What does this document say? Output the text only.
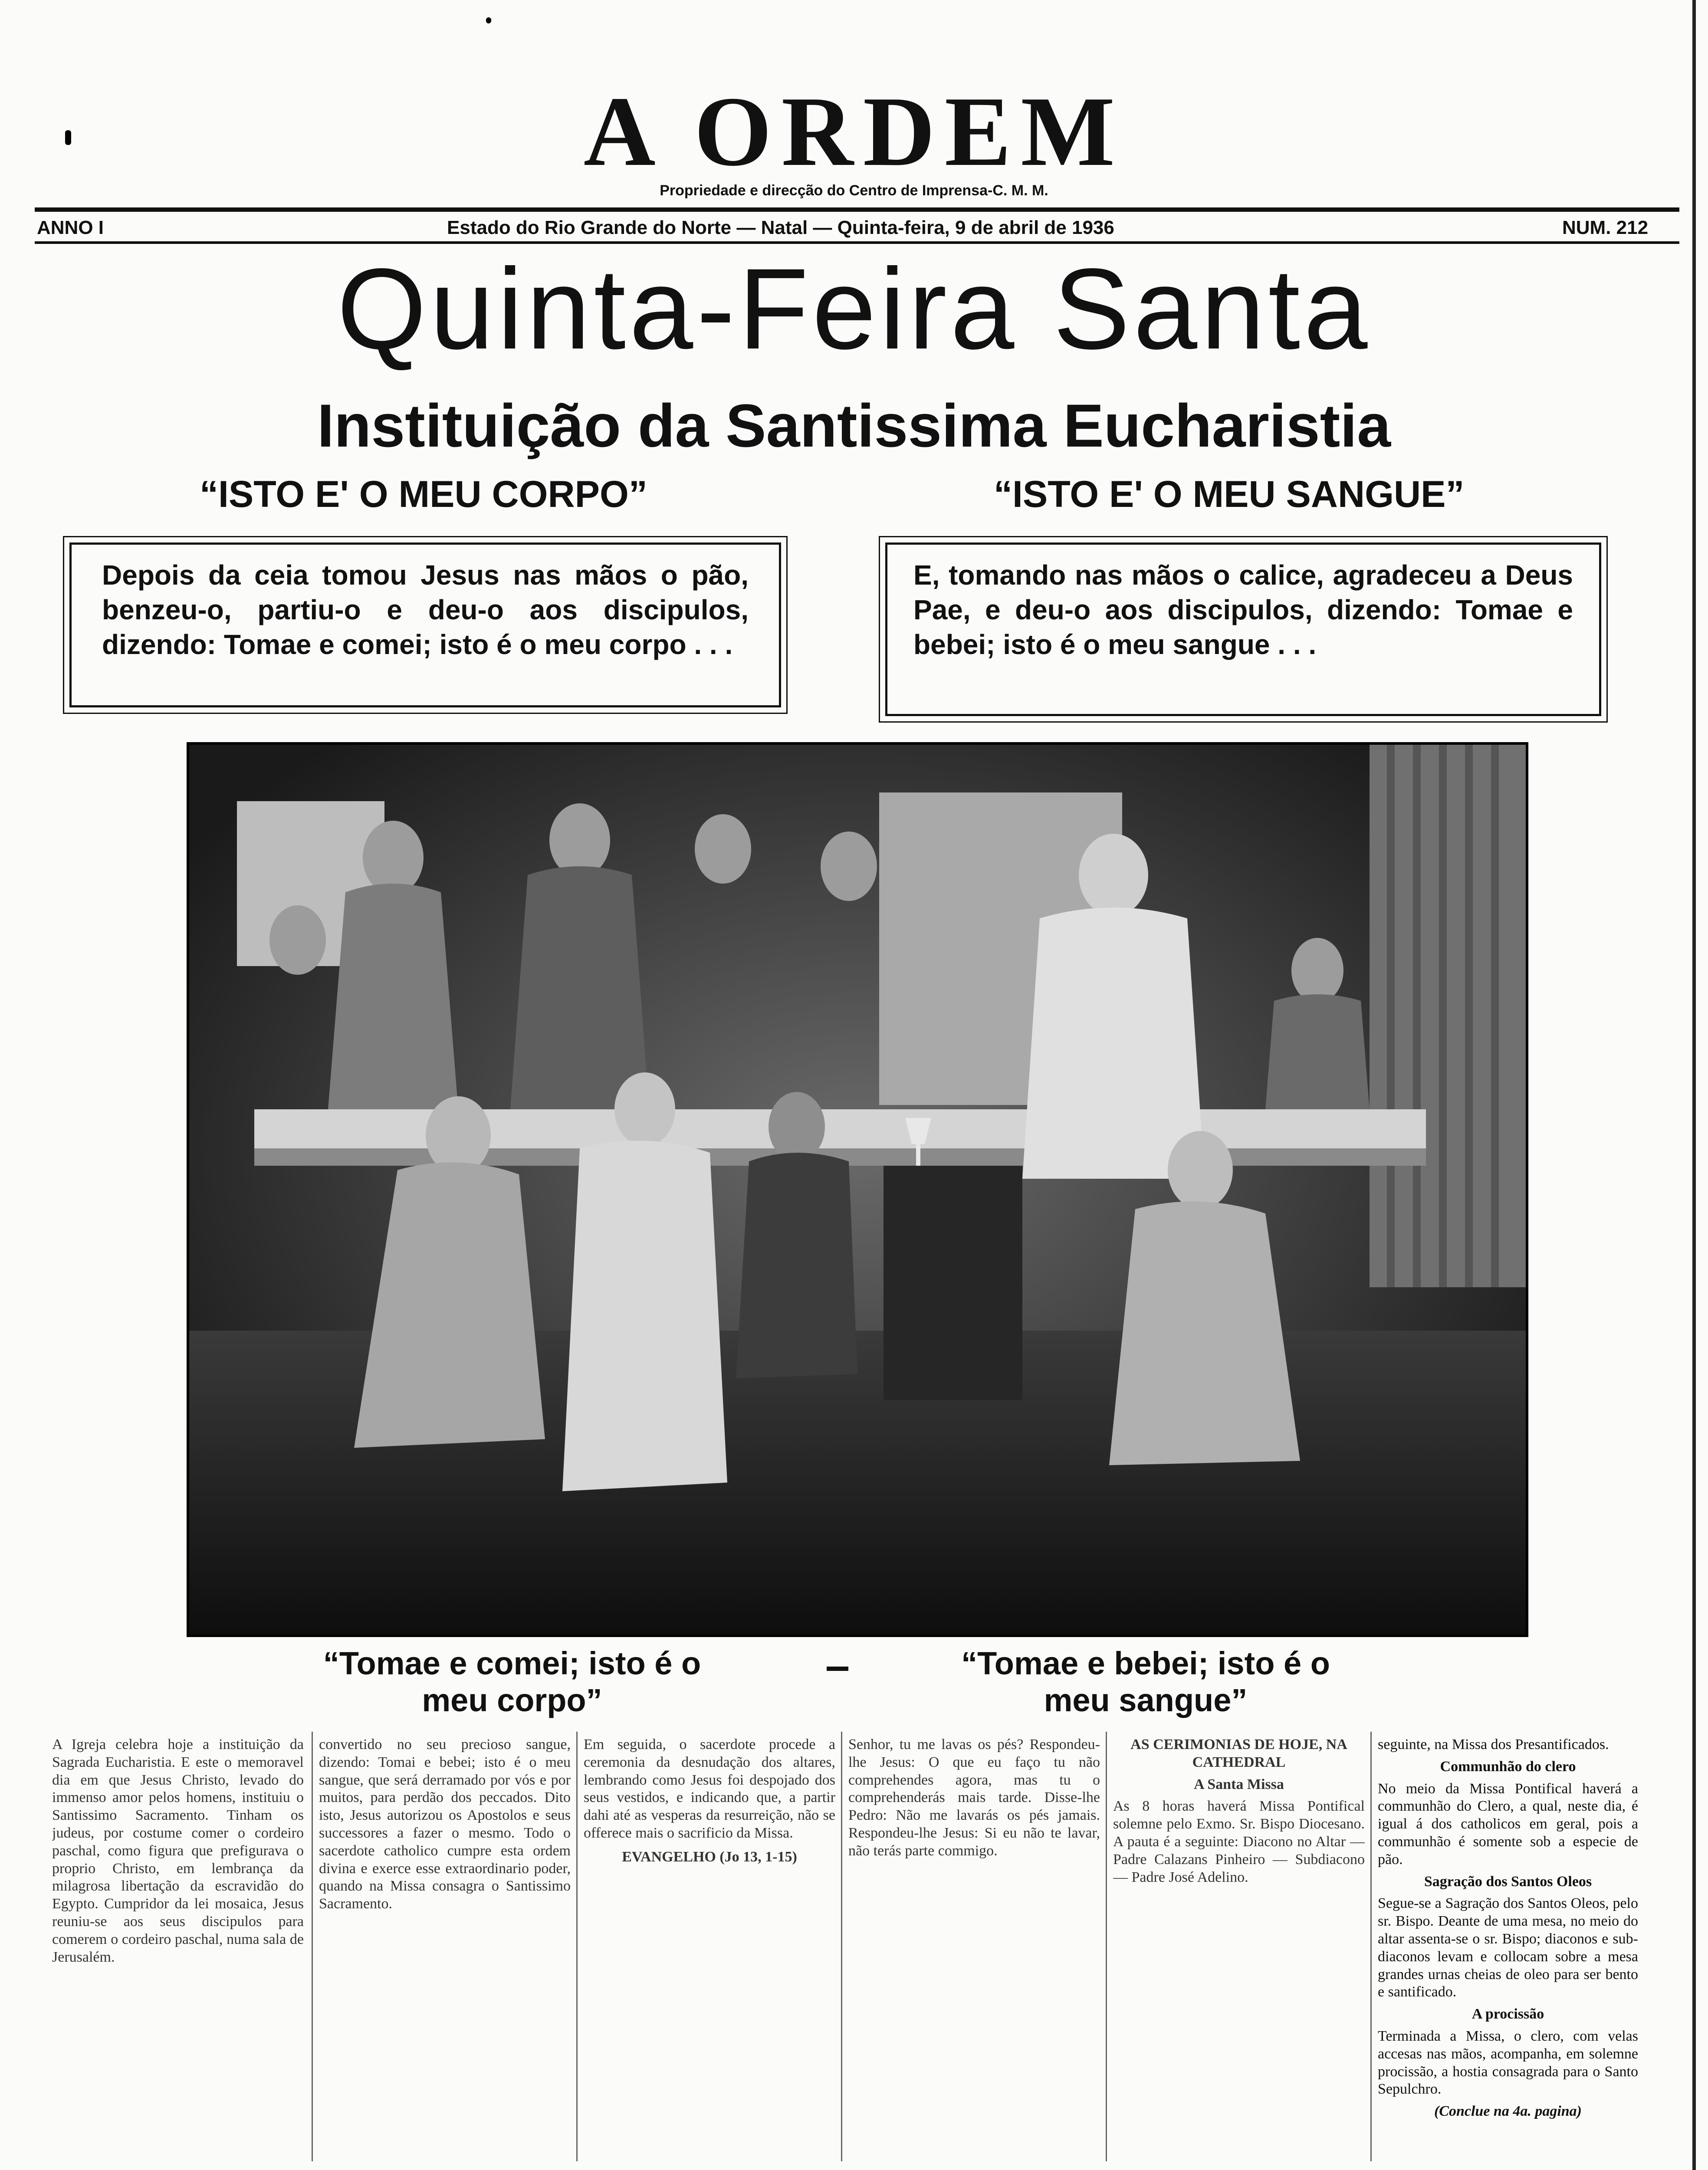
A ORDEM
Propriedade e direcção do Centro de Imprensa-C. M. M.
ANNO I	Estado do Rio Grande do Norte — Natal — Quinta-feira, 9 de abril de 1936	NUM. 212
Quinta-Feira Santa
Instituição da Santissima Eucharistia
“ISTO E' O MEU CORPO”	“ISTO E' O MEU SANGUE”
Depois da ceia tomou Jesus nas mãos o pão, benzeu-o, partiu-o e deu-o aos discipulos, dizendo: Tomae e comei; isto é o meu corpo . . .
E, tomando nas mãos o calice, agradeceu a Deus Pae, e deu-o aos discipulos, dizendo: Tomae e bebei; isto é o meu sangue . . .
“Tomae e comei; isto é o meu corpo”
“Tomae e bebei; isto é o meu sangue”
A Igreja celebra hoje a instituição da Sagrada Eucharistia. E este o memoravel dia em que Jesus Christo, levado do immenso amor pelos homens, instituiu o Santissimo Sacramento. Tinham os judeus, por costume comer o cordeiro paschal, como figura que prefigurava o proprio Christo, em lembrança da milagrosa libertação da escravidão do Egypto. Cumpridor da lei mosaica, Jesus reuniu-se aos seus discipulos para comerem o cordeiro paschal, numa sala de Jerusalém.
convertido no seu precioso sangue, dizendo: Tomai e bebei; isto é o meu sangue, que será derramado por vós e por muitos, para perdão dos peccados. Dito isto, Jesus autorizou os Apostolos e seus successores a fazer o mesmo. Todo o sacerdote catholico cumpre esta ordem divina e exerce esse extraordinario poder, quando na Missa consagra o Santissimo Sacramento.
Em seguida, o sacerdote procede a ceremonia da desnudação dos altares, lembrando como Jesus foi despojado dos seus vestidos, e indicando que, a partir dahi até as vesperas da resurreição, não se offerece mais o sacrificio da Missa.
EVANGELHO (Jo 13, 1-15)
Senhor, tu me lavas os pés? Respondeu-lhe Jesus: O que eu faço tu não comprehendes agora, mas tu o comprehenderás mais tarde. Disse-lhe Pedro: Não me lavarás os pés jamais. Respondeu-lhe Jesus: Si eu não te lavar, não terás parte commigo.
AS CERIMONIAS DE HOJE, NA CATHEDRAL
A Santa Missa
As 8 horas haverá Missa Pontifical solemne pelo Exmo. Sr. Bispo Diocesano. A pauta é a seguinte: Diacono no Altar — Padre Calazans Pinheiro — Subdiacono — Padre José Adelino.
seguinte, na Missa dos Presantificados.
Communhão do clero
No meio da Missa Pontifical haverá a communhão do Clero, a qual, neste dia, é igual á dos catholicos em geral, pois a communhão é somente sob a especie de pão.
Sagração dos Santos Oleos
Segue-se a Sagração dos Santos Oleos, pelo sr. Bispo. Deante de uma mesa, no meio do altar assenta-se o sr. Bispo; diaconos e sub-diaconos levam e collocam sobre a mesa grandes urnas cheias de oleo para ser bento e santificado.
A procissão
Terminada a Missa, o clero, com velas accesas nas mãos, acompanha, em solemne procissão, a hostia consagrada para o Santo Sepulchro.
(Conclue na 4a. pagina)
